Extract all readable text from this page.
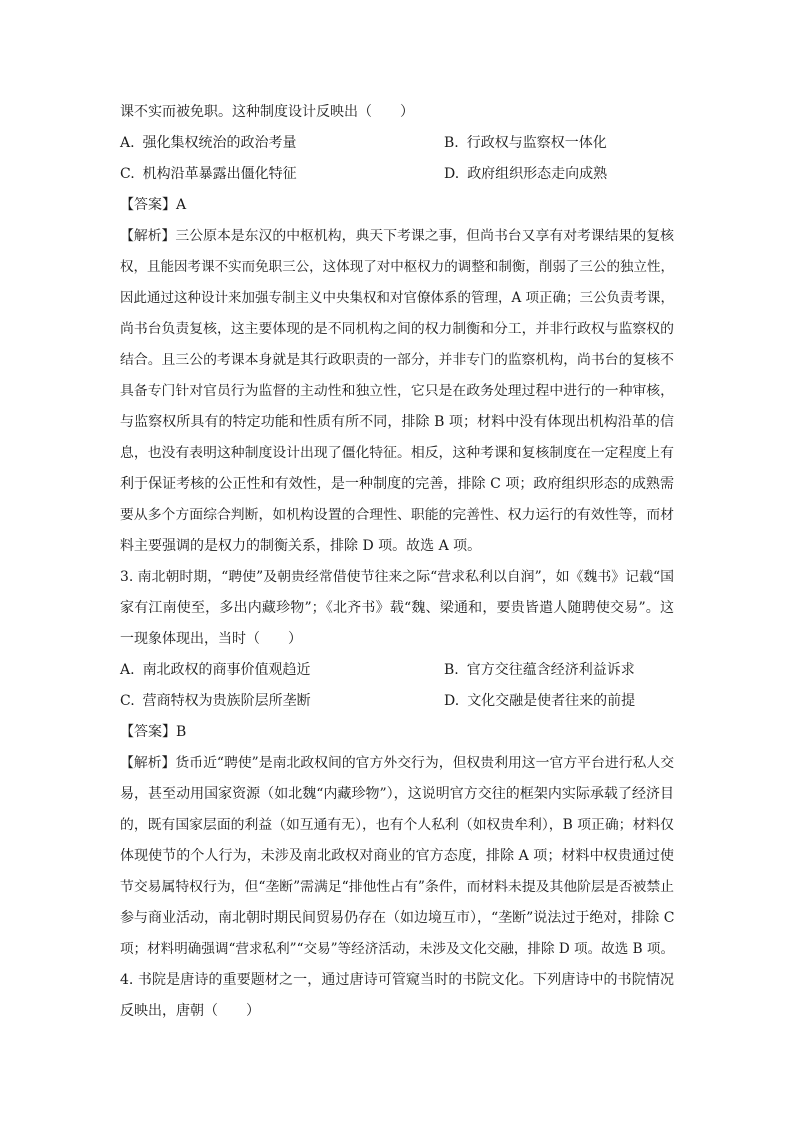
课不实而被免职。这种制度设计反映出（　　）
A. 强化集权统治的政治考量	B. 行政权与监察权一体化
C. 机构沿革暴露出僵化特征	D. 政府组织形态走向成熟
【答案】A
【解析】三公原本是东汉的中枢机构，典天下考课之事，但尚书台又享有对考课结果的复核
权，且能因考课不实而免职三公，这体现了对中枢权力的调整和制衡，削弱了三公的独立性，
因此通过这种设计来加强专制主义中央集权和对官僚体系的管理，A 项正确；三公负责考课，
尚书台负责复核，这主要体现的是不同机构之间的权力制衡和分工，并非行政权与监察权的
结合。且三公的考课本身就是其行政职责的一部分，并非专门的监察机构，尚书台的复核不
具备专门针对官员行为监督的主动性和独立性，它只是在政务处理过程中进行的一种审核，
与监察权所具有的特定功能和性质有所不同，排除 B 项；材料中没有体现出机构沿革的信
息，也没有表明这种制度设计出现了僵化特征。相反，这种考课和复核制度在一定程度上有
利于保证考核的公正性和有效性，是一种制度的完善，排除 C 项；政府组织形态的成熟需
要从多个方面综合判断，如机构设置的合理性、职能的完善性、权力运行的有效性等，而材
料主要强调的是权力的制衡关系，排除 D 项。故选 A 项。
3. 南北朝时期，“聘使”及朝贵经常借使节往来之际“营求私利以自润”，如《魏书》记载“国
家有江南使至，多出内藏珍物”；《北齐书》载“魏、梁通和，要贵皆遣人随聘使交易”。这
一现象体现出，当时（　　）
A. 南北政权的商事价值观趋近	B. 官方交往蕴含经济利益诉求
C. 营商特权为贵族阶层所垄断	D. 文化交融是使者往来的前提
【答案】B
【解析】货币近“聘使”是南北政权间的官方外交行为，但权贵利用这一官方平台进行私人交
易，甚至动用国家资源（如北魏“内藏珍物”），这说明官方交往的框架内实际承载了经济目
的，既有国家层面的利益（如互通有无），也有个人私利（如权贵牟利），B 项正确；材料仅
体现使节的个人行为，未涉及南北政权对商业的官方态度，排除 A 项；材料中权贵通过使
节交易属特权行为，但“垄断”需满足“排他性占有”条件，而材料未提及其他阶层是否被禁止
参与商业活动，南北朝时期民间贸易仍存在（如边境互市），“垄断”说法过于绝对，排除 C
项；材料明确强调“营求私利”“交易”等经济活动，未涉及文化交融，排除 D 项。故选 B 项。
4. 书院是唐诗的重要题材之一，通过唐诗可管窥当时的书院文化。下列唐诗中的书院情况
反映出，唐朝（　　）
